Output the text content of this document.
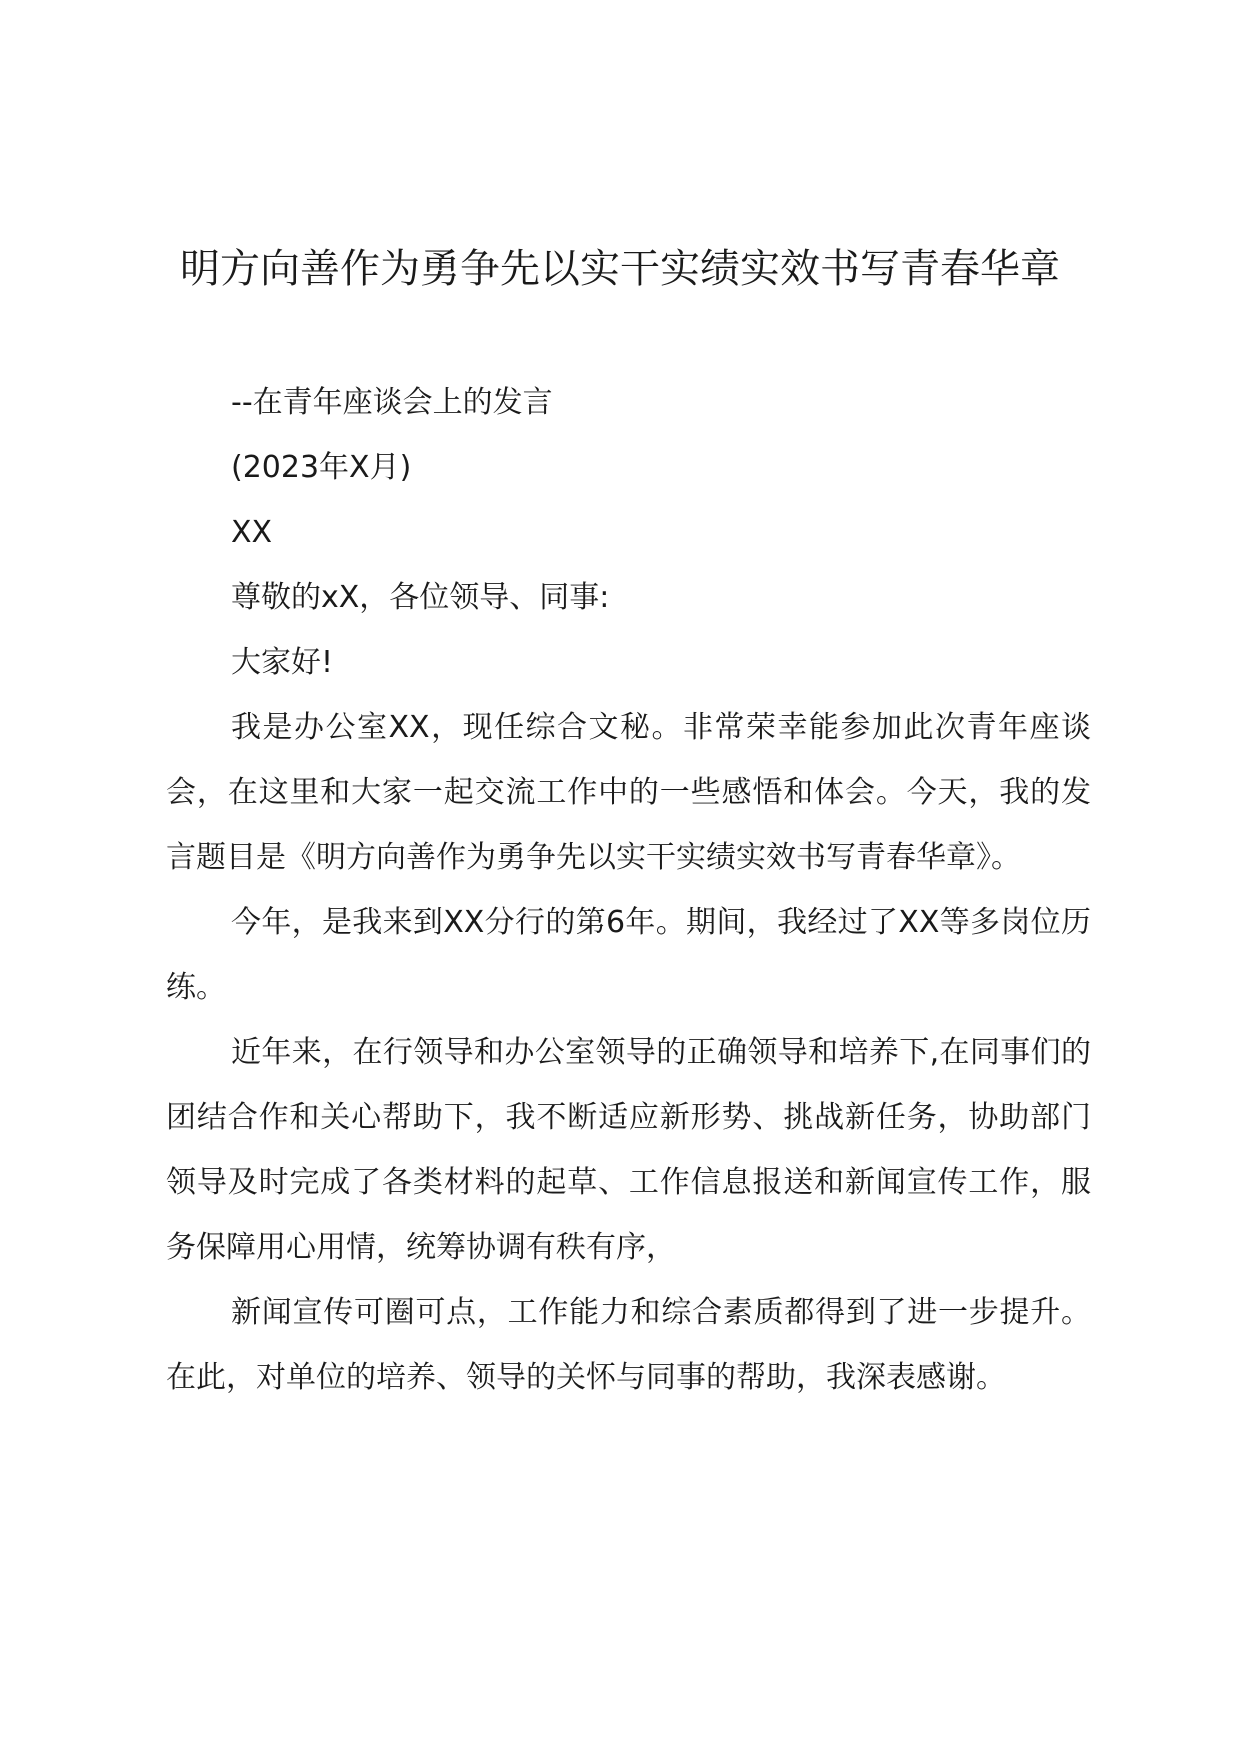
明方向善作为勇争先以实干实绩实效书写青春华章

--在青年座谈会上的发言

(2023年X月)

XX

尊敬的xX，各位领导、同事:

大家好!

我是办公室XX，现任综合文秘。非常荣幸能参加此次青年座谈会，在这里和大家一起交流工作中的一些感悟和体会。今天，我的发言题目是《明方向善作为勇争先以实干实绩实效书写青春华章》。

今年，是我来到XX分行的第6年。期间，我经过了XX等多岗位历练。

近年来，在行领导和办公室领导的正确领导和培养下,在同事们的团结合作和关心帮助下，我不断适应新形势、挑战新任务，协助部门领导及时完成了各类材料的起草、工作信息报送和新闻宣传工作，服务保障用心用情，统筹协调有秩有序，

新闻宣传可圈可点，工作能力和综合素质都得到了进一步提升。在此，对单位的培养、领导的关怀与同事的帮助，我深表感谢。
